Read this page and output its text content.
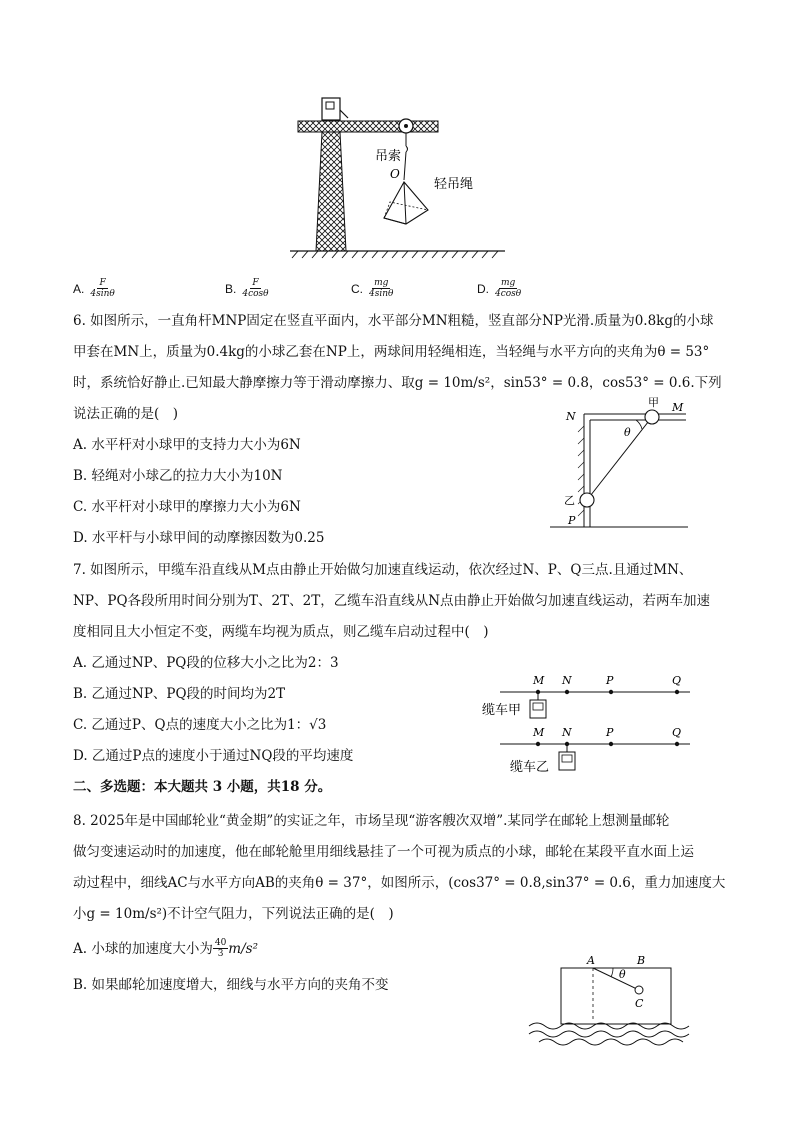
吊索
O
轻吊绳
A. $\frac{F}{4\sin\theta}$	B. $\frac{F}{4\cos\theta}$	C. $\frac{mg}{4\sin\theta}$	D. $\frac{mg}{4\cos\theta}$
6. 如图所示，一直角杆MNP固定在竖直平面内，水平部分MN粗糙，竖直部分NP光滑.质量为0.8kg的小球
甲套在MN上，质量为0.4kg的小球乙套在NP上，两球间用轻绳相连，当轻绳与水平方向的夹角为θ = 53°
时，系统恰好静止.已知最大静摩擦力等于滑动摩擦力、取g = 10m/s²，sin53° = 0.8，cos53° = 0.6.下列
说法正确的是(　)
A. 水平杆对小球甲的支持力大小为6N
B. 轻绳对小球乙的拉力大小为10N
C. 水平杆对小球甲的摩擦力大小为6N
D. 水平杆与小球甲间的动摩擦因数为0.25
N
M
甲
θ
乙
P
7. 如图所示，甲缆车沿直线从M点由静止开始做匀加速直线运动，依次经过N、P、Q三点.且通过MN、
NP、PQ各段所用时间分别为T、2T、2T，乙缆车沿直线从N点由静止开始做匀加速直线运动，若两车加速
度相同且大小恒定不变，两缆车均视为质点，则乙缆车启动过程中(　)
A. 乙通过NP、PQ段的位移大小之比为2：3
B. 乙通过NP、PQ段的时间均为2T
C. 乙通过P、Q点的速度大小之比为1：√3
D. 乙通过P点的速度小于通过NQ段的平均速度
M N	P	Q
缆车甲
M N	P	Q
缆车乙
二、多选题：本大题共 3 小题，共18 分。
8. 2025年是中国邮轮业“黄金期”的实证之年，市场呈现“游客艘次双增”.某同学在邮轮上想测量邮轮
做匀变速运动时的加速度，他在邮轮舱里用细线悬挂了一个可视为质点的小球，邮轮在某段平直水面上运
动过程中，细线AC与水平方向AB的夹角θ = 37°，如图所示，(cos37° = 0.8,sin37° = 0.6，重力加速度大
小g = 10m/s²)不计空气阻力，下列说法正确的是(　)
A. 小球的加速度大小为 $\frac{40}{3} m/s^2$
B. 如果邮轮加速度增大，细线与水平方向的夹角不变
A	B
θ
C
